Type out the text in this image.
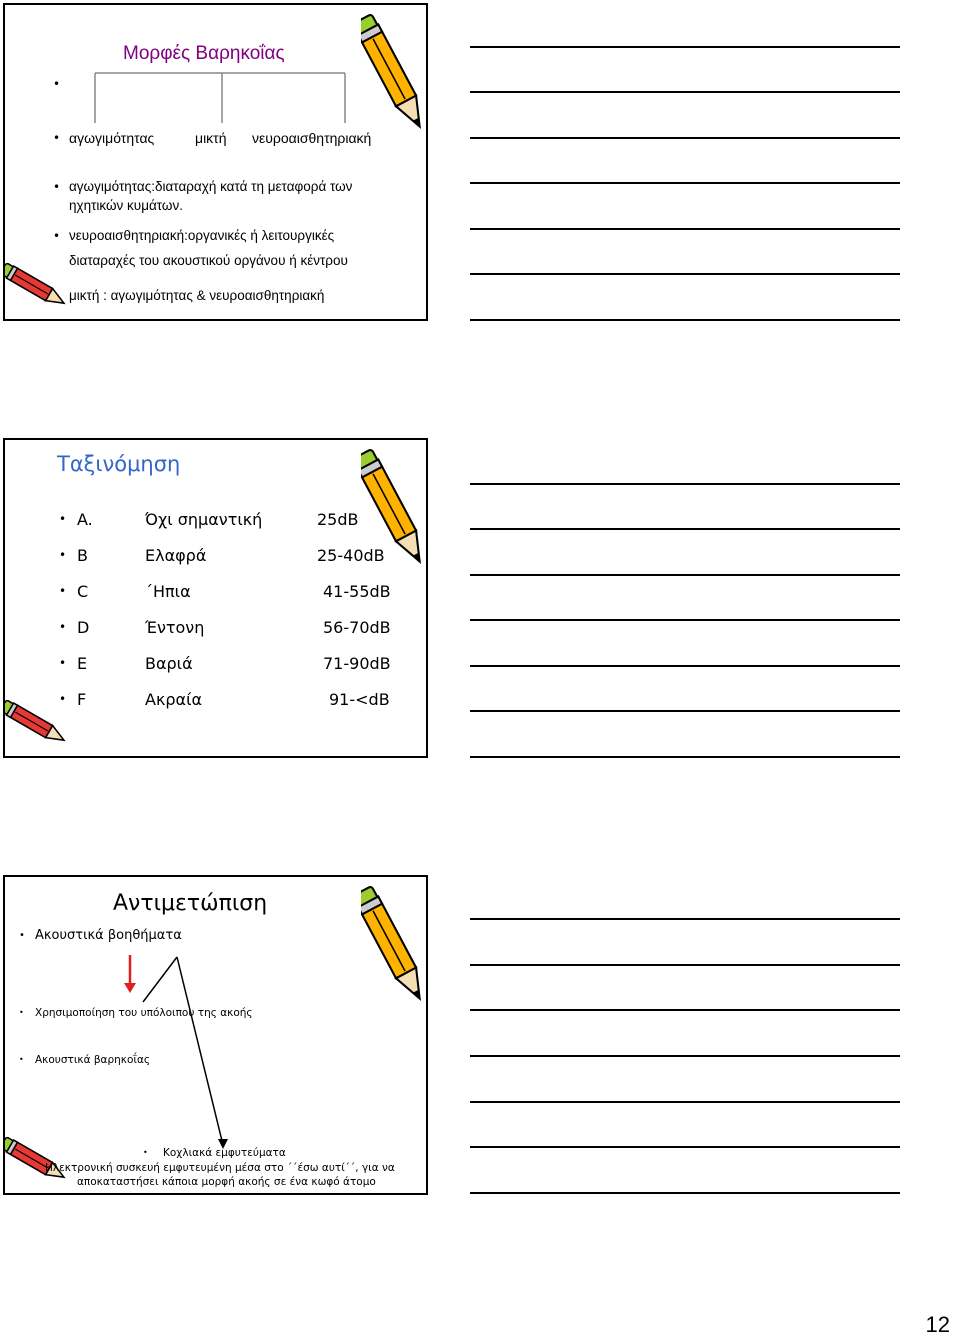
Μορφές Βαρηκοΐας
•
• αγωγιμότητας	μικτή νευροαισθητηριακή
• αγωγιμότητας:διαταραχή κατά τη μεταφορά των
ηχητικών κυμάτων.
• νευροαισθητηριακή:οργανικές ή λειτουργικές
διαταραχές του ακουστικού οργάνου ή κέντρου
μικτή : αγωγιμότητας & νευροαισθητηριακή
Ταξινόμηση
• A.	Όχι σημαντική	25dB
• B	Ελαφρά	25-40dB
• C	΄Ηπια	41-55dB
• D	Έντονη	56-70dB
• E	Βαριά	71-90dB
• F	Ακραία	91-<dB
Αντιμετώπιση
• Ακουστικά βοηθήματα
• Χρησιμοποίηση του υπόλοιπου της ακοής
• Ακουστικά βαρηκοΐας
• Κοχλιακά εμφυτεύματα
Ηλεκτρονική συσκευή εμφυτευμένη μέσα στο ΄΄έσω αυτί΄΄, για να
αποκαταστήσει κάποια μορφή ακοής σε ένα κωφό άτομο
12
